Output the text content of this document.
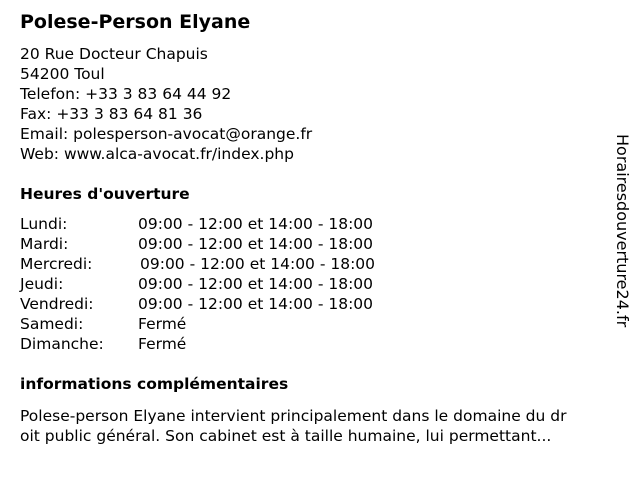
Polese-Person Elyane
20 Rue Docteur Chapuis
54200 Toul
Telefon: +33 3 83 64 44 92
Fax: +33 3 83 64 81 36
Email: polesperson-avocat@orange.fr
Web: www.alca-avocat.fr/index.php
Heures d'ouverture
Lundi:	09:00 - 12:00 et 14:00 - 18:00
Mardi:	09:00 - 12:00 et 14:00 - 18:00
Mercredi:	09:00 - 12:00 et 14:00 - 18:00
Jeudi:	09:00 - 12:00 et 14:00 - 18:00
Vendredi:	09:00 - 12:00 et 14:00 - 18:00
Samedi:	Fermé
Dimanche: Fermé
informations complémentaires
Polese-person Elyane intervient principalement dans le domaine du dr
oit public général. Son cabinet est à taille humaine, lui permettant...
Horairesdouverture24.fr
